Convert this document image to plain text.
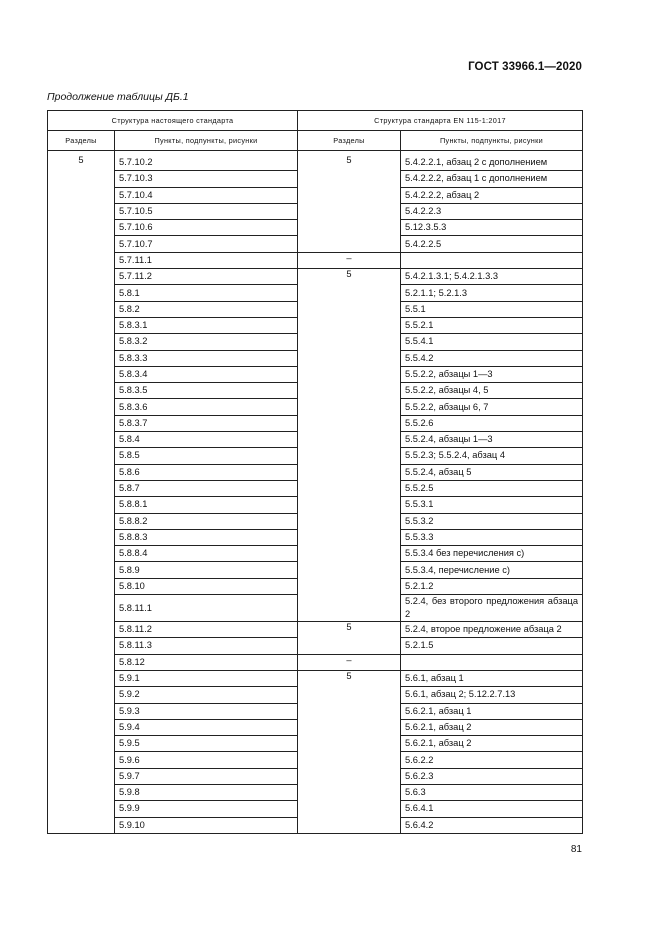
ГОСТ 33966.1—2020
Продолжение таблицы ДБ.1
Структура настоящего стандарта		Структура стандарта EN 115-1:2017	
Разделы	Пункты, подпункты, рисунки	Разделы	Пункты, подпункты, рисунки
5	5.7.10.2	5	5.4.2.2.1, абзац 2 с дополнением
	5.7.10.3		5.4.2.2.2, абзац 1 с дополнением
	5.7.10.4		5.4.2.2.2, абзац 2
	5.7.10.5		5.4.2.2.3
	5.7.10.6		5.12.3.5.3
	5.7.10.7		5.4.2.2.5
	5.7.11.1	–	
	5.7.11.2	5	5.4.2.1.3.1; 5.4.2.1.3.3
	5.8.1		5.2.1.1; 5.2.1.3
	5.8.2		5.5.1
	5.8.3.1		5.5.2.1
	5.8.3.2		5.5.4.1
	5.8.3.3		5.5.4.2
	5.8.3.4		5.5.2.2, абзацы 1—3
	5.8.3.5		5.5.2.2, абзацы 4, 5
	5.8.3.6		5.5.2.2, абзацы 6, 7
	5.8.3.7		5.5.2.6
	5.8.4		5.5.2.4, абзацы 1—3
	5.8.5		5.5.2.3; 5.5.2.4, абзац 4
	5.8.6		5.5.2.4, абзац 5
	5.8.7		5.5.2.5
	5.8.8.1		5.5.3.1
	5.8.8.2		5.5.3.2
	5.8.8.3		5.5.3.3
	5.8.8.4		5.5.3.4 без перечисления с)
	5.8.9		5.5.3.4, перечисление с)
	5.8.10		5.2.1.2
	5.8.11.1		5.2.4, без второго предложения абзаца 2
	5.8.11.2	5	5.2.4, второе предложение абзаца 2
	5.8.11.3		5.2.1.5
	5.8.12	–	
	5.9.1	5	5.6.1, абзац 1
	5.9.2		5.6.1, абзац 2; 5.12.2.7.13
	5.9.3		5.6.2.1, абзац 1
	5.9.4		5.6.2.1, абзац 2
	5.9.5		5.6.2.1, абзац 2
	5.9.6		5.6.2.2
	5.9.7		5.6.2.3
	5.9.8		5.6.3
	5.9.9		5.6.4.1
	5.9.10		5.6.4.2
81
